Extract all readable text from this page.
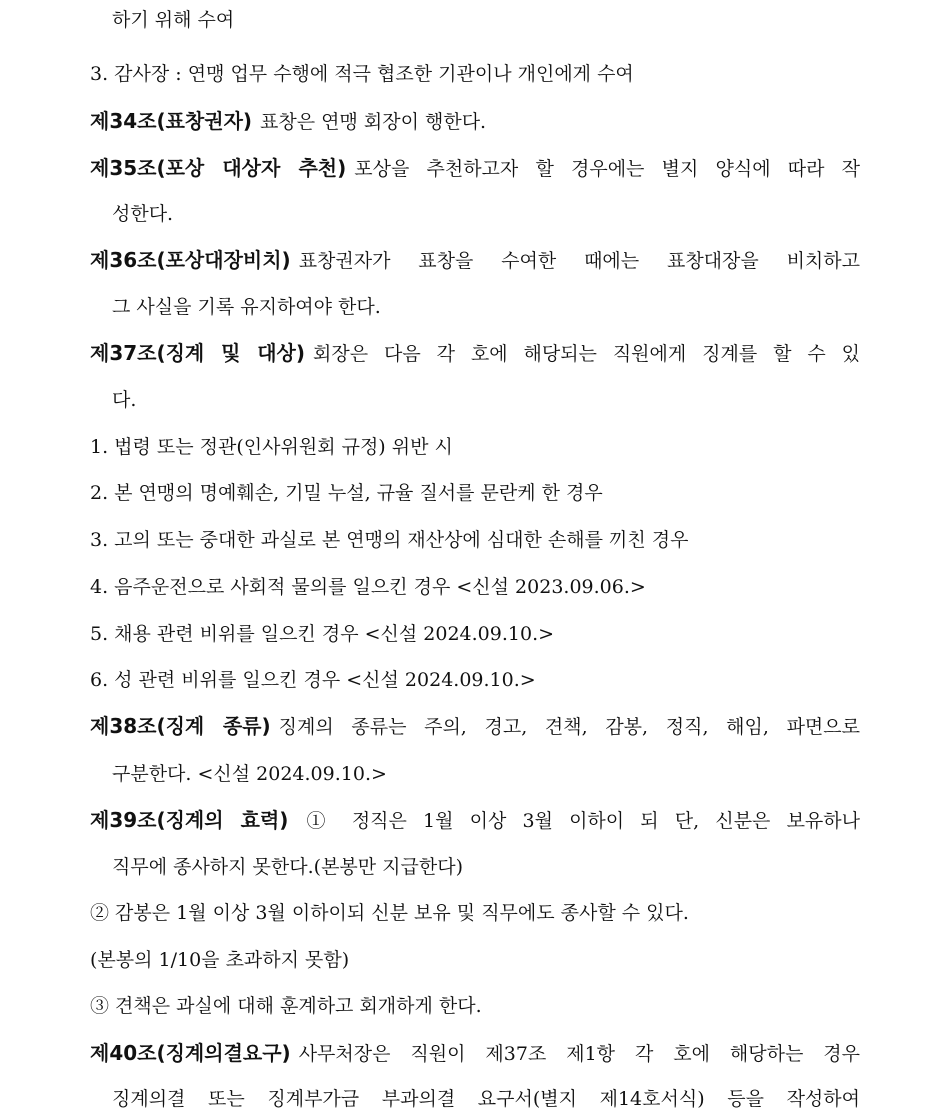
하기 위해 수여
3. 감사장 : 연맹 업무 수행에 적극 협조한 기관이나 개인에게 수여
제34조(표창권자) 표창은 연맹 회장이 행한다.
제35조(포상 대상자 추천) 포상을 추천하고자 할 경우에는 별지 양식에 따라 작
성한다.
제36조(포상대장비치) 표창권자가 표창을 수여한 때에는 표창대장을 비치하고
그 사실을 기록 유지하여야 한다.
제37조(징계 및 대상) 회장은 다음 각 호에 해당되는 직원에게 징계를 할 수 있
다.
1. 법령 또는 정관(인사위원회 규정) 위반 시
2. 본 연맹의 명예훼손, 기밀 누설, 규율 질서를 문란케 한 경우
3. 고의 또는 중대한 과실로 본 연맹의 재산상에 심대한 손해를 끼친 경우
4. 음주운전으로 사회적 물의를 일으킨 경우 <신설 2023.09.06.>
5. 채용 관련 비위를 일으킨 경우 <신설 2024.09.10.>
6. 성 관련 비위를 일으킨 경우 <신설 2024.09.10.>
제38조(징계 종류) 징계의 종류는 주의, 경고, 견책, 감봉, 정직, 해임, 파면으로
구분한다. <신설 2024.09.10.>
제39조(징계의 효력) ① 정직은 1월 이상 3월 이하이 되 단, 신분은 보유하나
직무에 종사하지 못한다.(본봉만 지급한다)
② 감봉은 1월 이상 3월 이하이되 신분 보유 및 직무에도 종사할 수 있다.
(본봉의 1/10을 초과하지 못함)
③ 견책은 과실에 대해 훈계하고 회개하게 한다.
제40조(징계의결요구) 사무처장은 직원이 제37조 제1항 각 호에 해당하는 경우
징계의결 또는 징계부가금 부과의결 요구서(별지 제14호서식) 등을 작성하여
